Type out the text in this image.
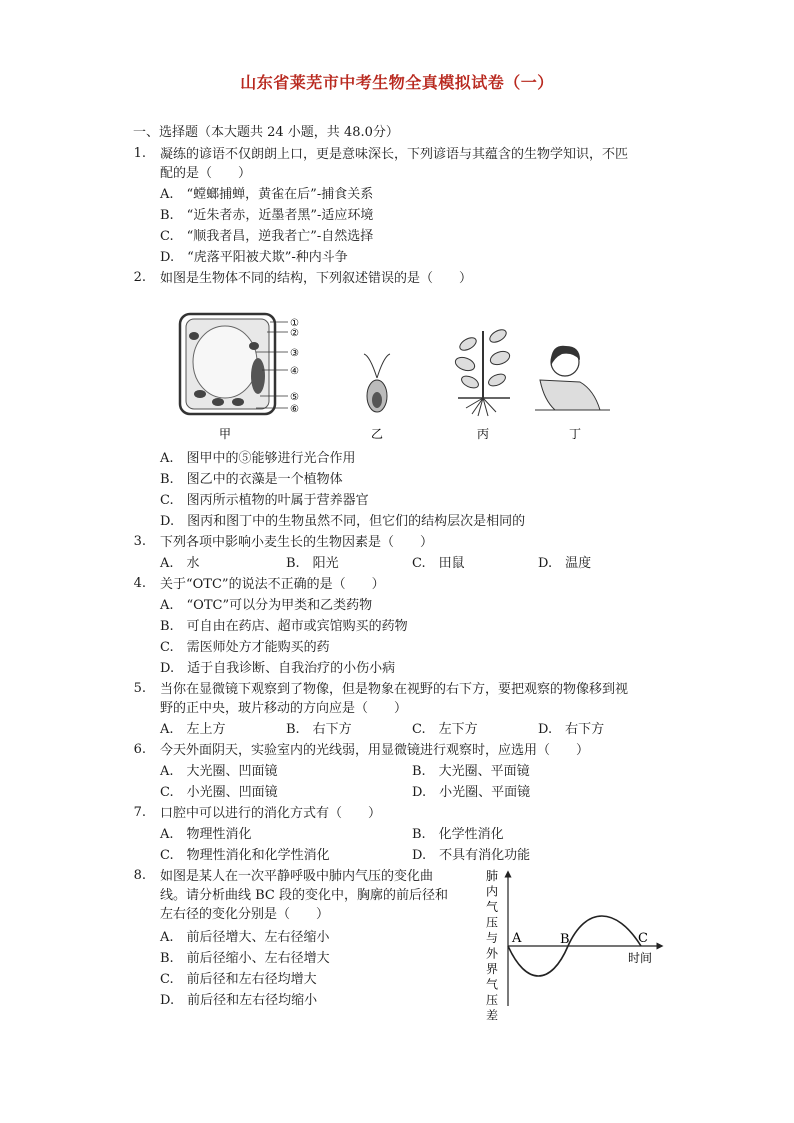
山东省莱芜市中考生物全真模拟试卷（一）
一、选择题（本大题共 24 小题，共 48.0分）
1. 凝练的谚语不仅朗朗上口，更是意味深长，下列谚语与其蕴含的生物学知识，不匹
配的是（　　）
A.　“螳螂捕蝉，黄雀在后”-捕食关系
B.　“近朱者赤，近墨者黑”-适应环境
C.　“顺我者昌，逆我者亡”-自然选择
D.　“虎落平阳被犬欺”-种内斗争
2. 如图是生物体不同的结构，下列叙述错误的是（　　）
①
②
③
④
⑤
⑥
甲	乙	丙	丁
A.　图甲中的⑤能够进行光合作用
B.　图乙中的衣藻是一个植物体
C.　图丙所示植物的叶属于营养器官
D.　图丙和图丁中的生物虽然不同，但它们的结构层次是相同的
3. 下列各项中影响小麦生长的生物因素是（　　）
A.　水	B.　阳光	C.　田鼠	D.　温度
4. 关于“OTC”的说法不正确的是（　　）
A.　“OTC”可以分为甲类和乙类药物
B.　可自由在药店、超市或宾馆购买的药物
C.　需医师处方才能购买的药
D.　适于自我诊断、自我治疗的小伤小病
5. 当你在显微镜下观察到了物像，但是物象在视野的右下方，要把观察的物像移到视
野的正中央，玻片移动的方向应是（　　）
A.　左上方	B.　右下方	C.　左下方	D.　右下方
6. 今天外面阴天，实验室内的光线弱，用显微镜进行观察时，应选用（　　）
A.　大光圈、凹面镜	B.　大光圈、平面镜
C.　小光圈、凹面镜	D.　小光圈、平面镜
7. 口腔中可以进行的消化方式有（　　）
A.　物理性消化	B.　化学性消化
C.　物理性消化和化学性消化	D.　不具有消化功能
8. 如图是某人在一次平静呼吸中肺内气压的变化曲
线。请分析曲线 BC 段的变化中，胸廓的前后径和
左右径的变化分别是（　　）
A.　前后径增大、左右径缩小
B.　前后径缩小、左右径增大
C.　前后径和左右径均增大
D.　前后径和左右径均缩小
肺
内
气
压
与
外
界
气
压
差
A	B	C
时间
